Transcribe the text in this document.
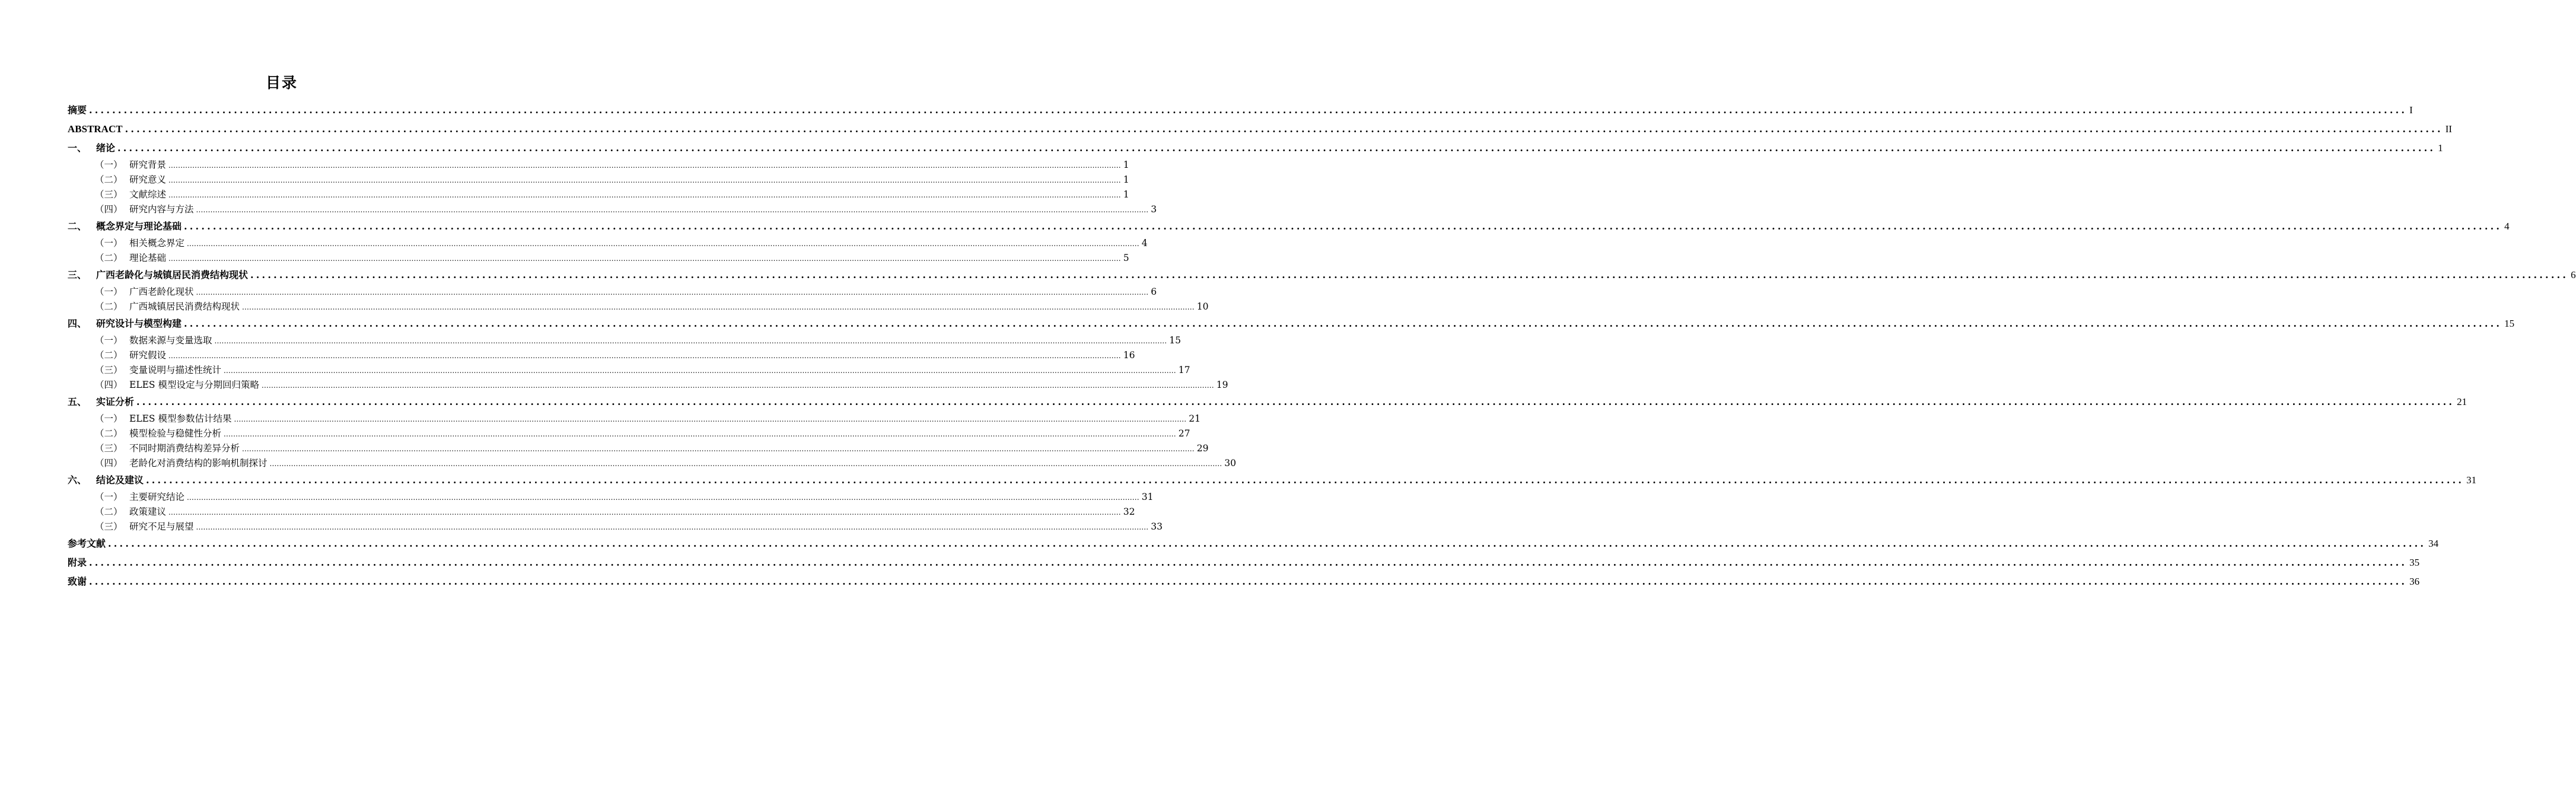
目录
摘要 ................................................................................................................................................................................................................................................................................................................................................................................................................ I
ABSTRACT ................................................................................................................................................................................................................................................................................................................................................................................................................ II
一、 绪论 ................................................................................................................................................................................................................................................................................................................................................................................................................ 1
（一） 研究背景 ................................................................................................................................................................................................................................................................................................................................................................................................................ 1
（二） 研究意义 ................................................................................................................................................................................................................................................................................................................................................................................................................ 1
（三） 文献综述 ................................................................................................................................................................................................................................................................................................................................................................................................................ 1
（四） 研究内容与方法 ................................................................................................................................................................................................................................................................................................................................................................................................................ 3
二、 概念界定与理论基础 ................................................................................................................................................................................................................................................................................................................................................................................................................ 4
（一） 相关概念界定 ................................................................................................................................................................................................................................................................................................................................................................................................................ 4
（二） 理论基础 ................................................................................................................................................................................................................................................................................................................................................................................................................ 5
三、 广西老龄化与城镇居民消费结构现状 ................................................................................................................................................................................................................................................................................................................................................................................................................ 6
（一） 广西老龄化现状 ................................................................................................................................................................................................................................................................................................................................................................................................................ 6
（二） 广西城镇居民消费结构现状 ................................................................................................................................................................................................................................................................................................................................................................................................................ 10
四、 研究设计与模型构建 ................................................................................................................................................................................................................................................................................................................................................................................................................ 15
（一） 数据来源与变量选取 ................................................................................................................................................................................................................................................................................................................................................................................................................ 15
（二） 研究假设 ................................................................................................................................................................................................................................................................................................................................................................................................................ 16
（三） 变量说明与描述性统计 ................................................................................................................................................................................................................................................................................................................................................................................................................ 17
（四） ELES 模型设定与分期回归策略 ................................................................................................................................................................................................................................................................................................................................................................................................................ 19
五、 实证分析 ................................................................................................................................................................................................................................................................................................................................................................................................................ 21
（一） ELES 模型参数估计结果 ................................................................................................................................................................................................................................................................................................................................................................................................................ 21
（二） 模型检验与稳健性分析 ................................................................................................................................................................................................................................................................................................................................................................................................................ 27
（三） 不同时期消费结构差异分析 ................................................................................................................................................................................................................................................................................................................................................................................................................ 29
（四） 老龄化对消费结构的影响机制探讨 ................................................................................................................................................................................................................................................................................................................................................................................................................ 30
六、 结论及建议 ................................................................................................................................................................................................................................................................................................................................................................................................................ 31
（一） 主要研究结论 ................................................................................................................................................................................................................................................................................................................................................................................................................ 31
（二） 政策建议 ................................................................................................................................................................................................................................................................................................................................................................................................................ 32
（三） 研究不足与展望 ................................................................................................................................................................................................................................................................................................................................................................................................................ 33
参考文献 ................................................................................................................................................................................................................................................................................................................................................................................................................ 34
附录 ................................................................................................................................................................................................................................................................................................................................................................................................................ 35
致谢 ................................................................................................................................................................................................................................................................................................................................................................................................................ 36
